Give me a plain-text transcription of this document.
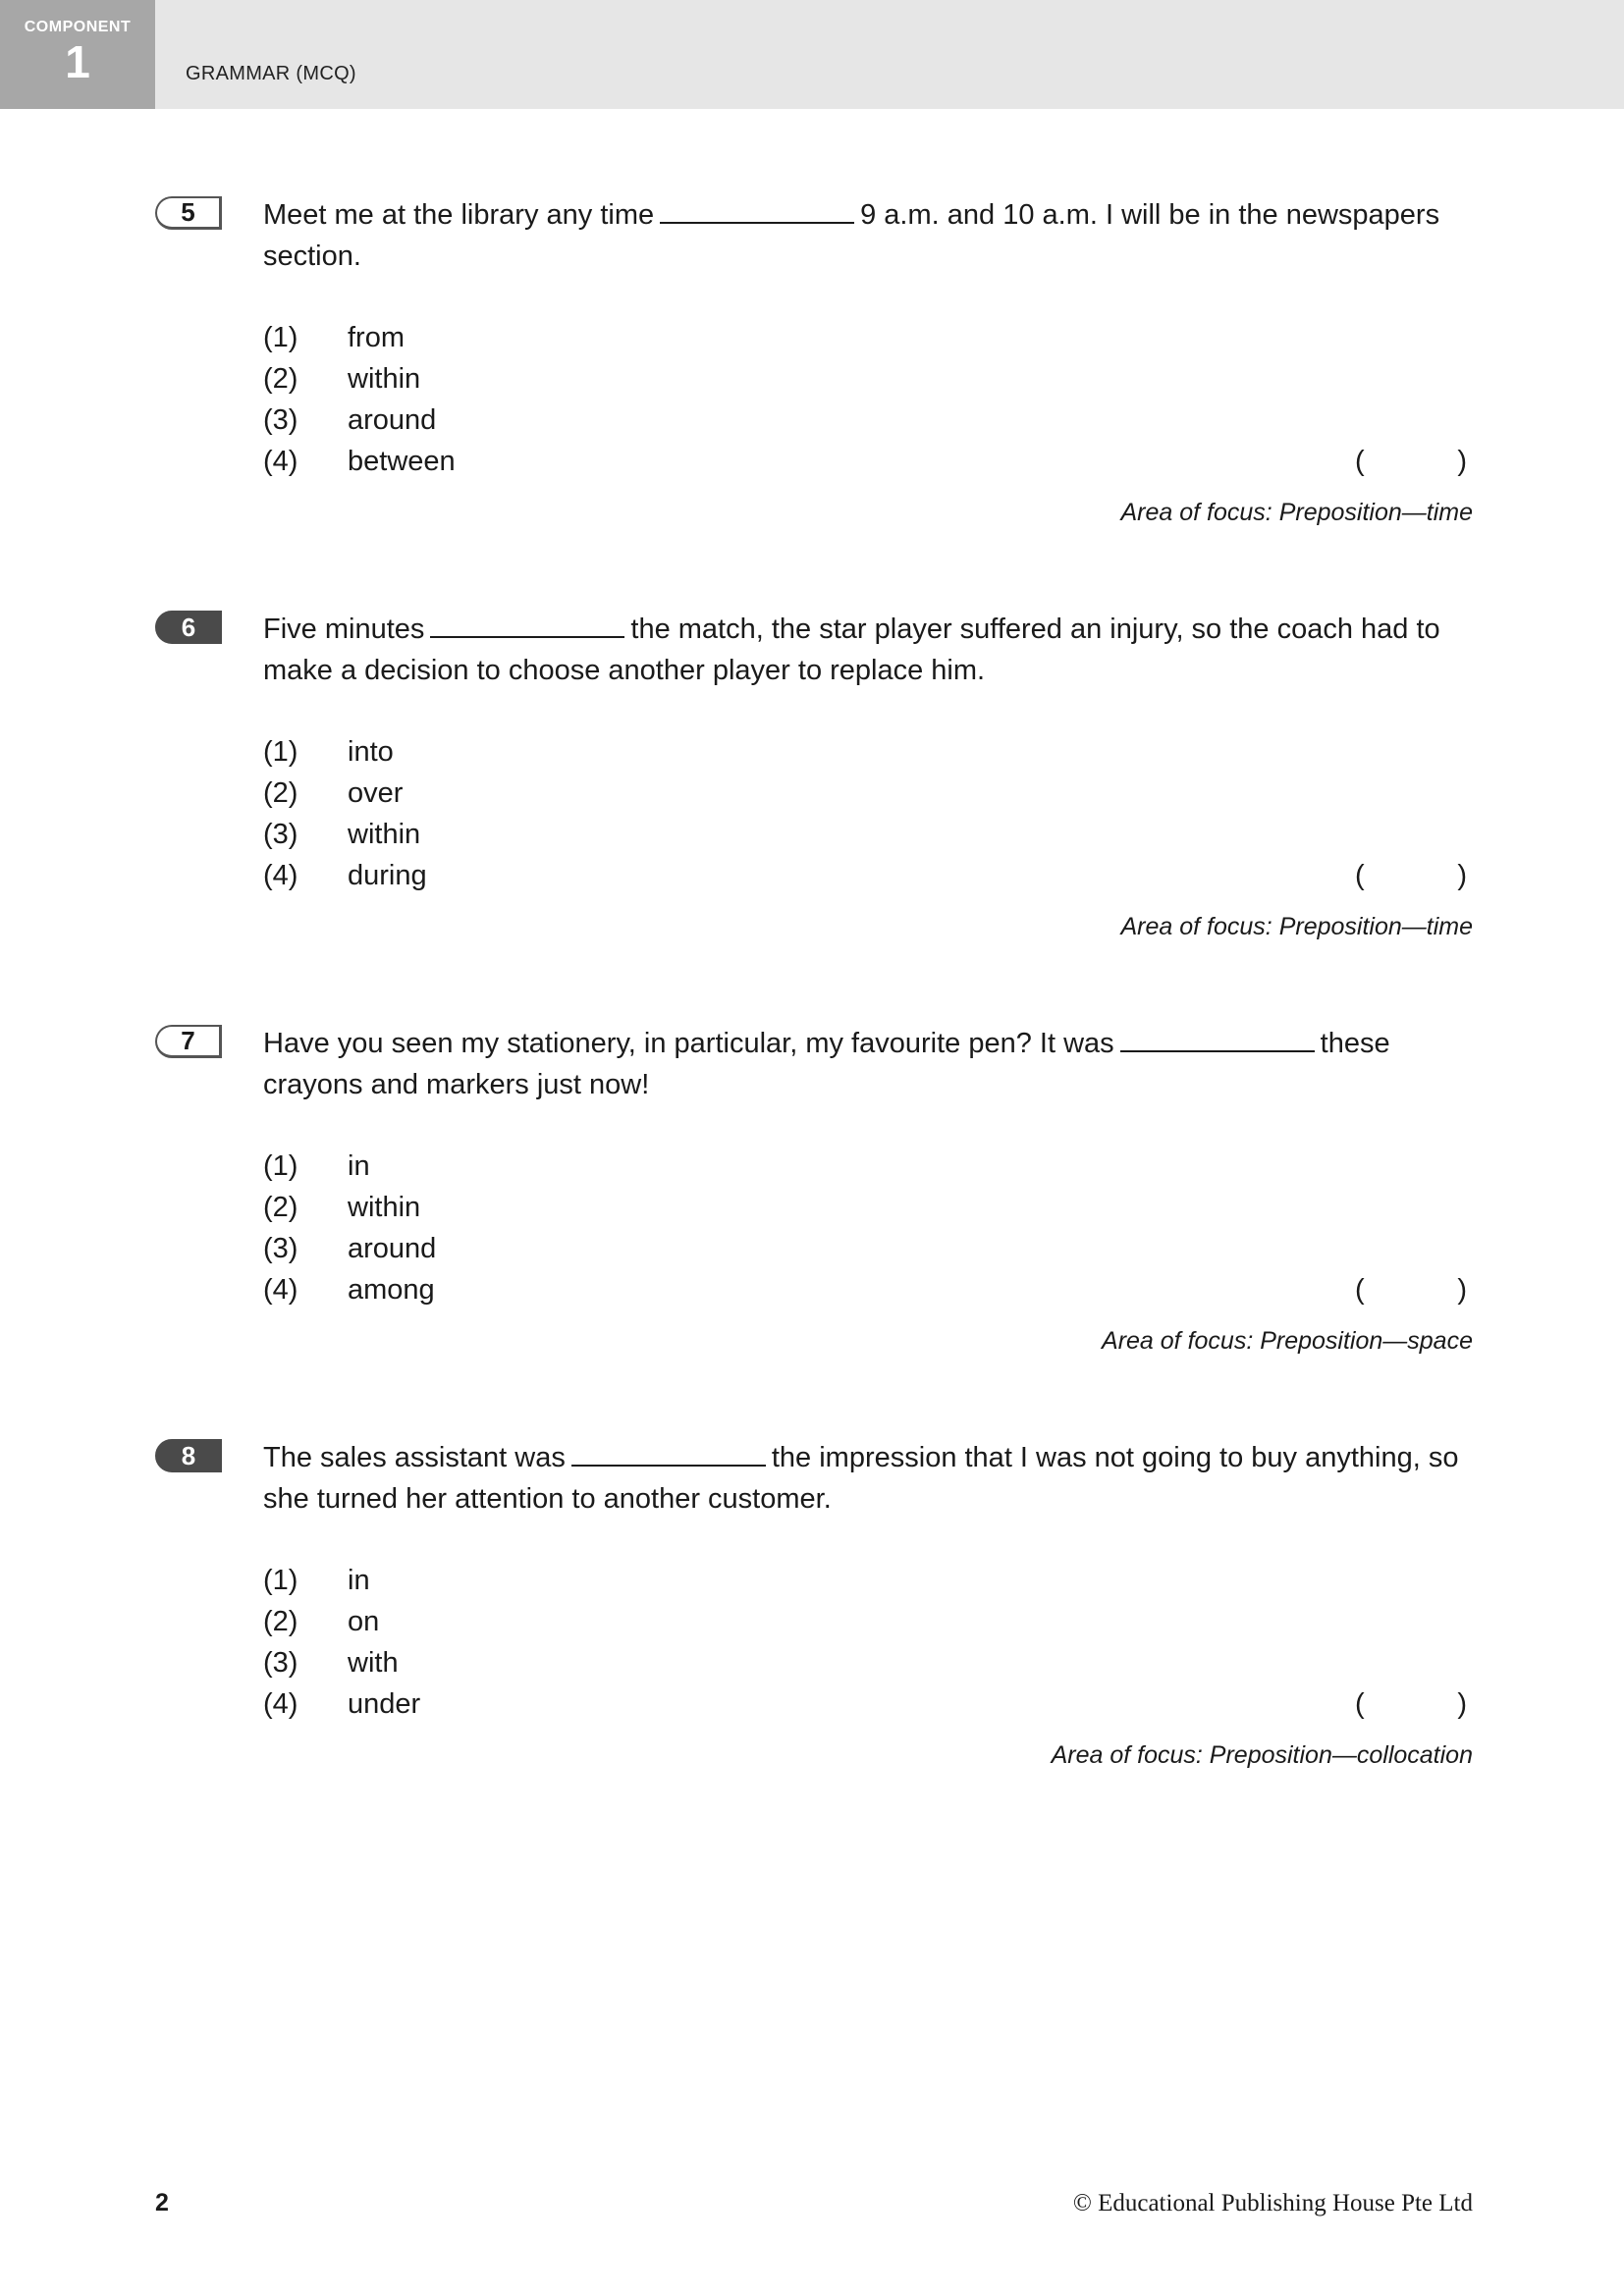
COMPONENT
1	GRAMMAR (MCQ)
5	Meet me at the library any time	9 a.m. and 10 a.m. I will be in the newspapers section.
(1) from
(2) within
(3) around
(4) between	(	)
Area of focus: Preposition—time
6	Five minutes	the match, the star player suffered an injury, so the coach had to make a decision to choose another player to replace him.
(1) into
(2) over
(3) within
(4) during	(	)
Area of focus: Preposition—time
7	Have you seen my stationery, in particular, my favourite pen? It was	these crayons and markers just now!
(1) in
(2) within
(3) around
(4) among	(	)
Area of focus: Preposition—space
8	The sales assistant was	the impression that I was not going to buy anything, so she turned her attention to another customer.
(1) in
(2) on
(3) with
(4) under	(	)
Area of focus: Preposition—collocation
2	© Educational Publishing House Pte Ltd
